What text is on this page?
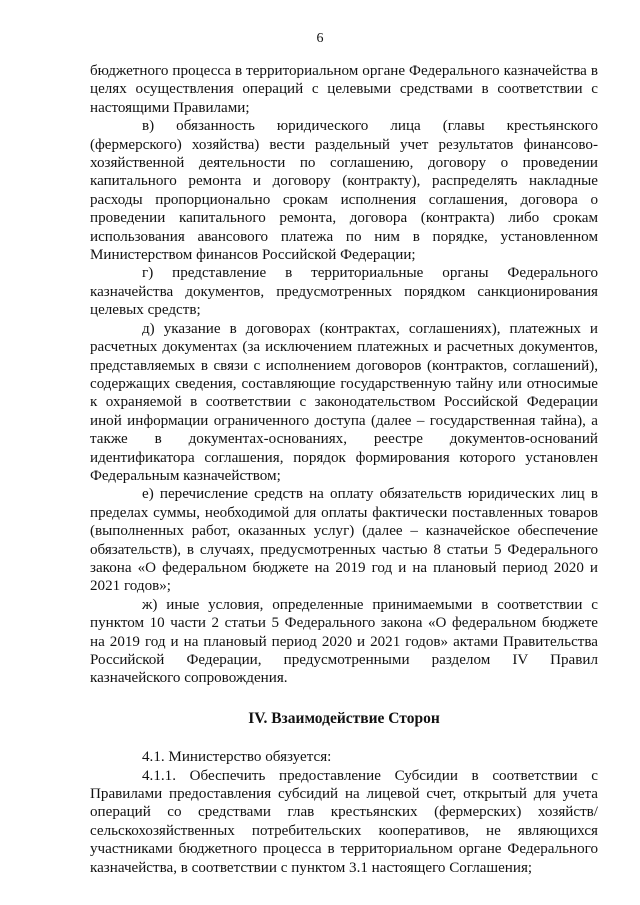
6

бюджетного процесса в территориальном органе Федерального казначейства в целях осуществления операций с целевыми средствами в соответствии с настоящими Правилами;

в) обязанность юридического лица (главы крестьянского (фермерского) хозяйства) вести раздельный учет результатов финансово-хозяйственной деятельности по соглашению, договору о проведении капитального ремонта и договору (контракту), распределять накладные расходы пропорционально срокам исполнения соглашения, договора о проведении капитального ремонта, договора (контракта) либо срокам использования авансового платежа по ним в порядке, установленном Министерством финансов Российской Федерации;

г) представление в территориальные органы Федерального казначейства документов, предусмотренных порядком санкционирования целевых средств;

д) указание в договорах (контрактах, соглашениях), платежных и расчетных документах (за исключением платежных и расчетных документов, представляемых в связи с исполнением договоров (контрактов, соглашений), содержащих сведения, составляющие государственную тайну или относимые к охраняемой в соответствии с законодательством Российской Федерации иной информации ограниченного доступа (далее – государственная тайна), а также в документах-основаниях, реестре документов-оснований идентификатора соглашения, порядок формирования которого установлен Федеральным казначейством;

е) перечисление средств на оплату обязательств юридических лиц в пределах суммы, необходимой для оплаты фактически поставленных товаров (выполненных работ, оказанных услуг) (далее – казначейское обеспечение обязательств), в случаях, предусмотренных частью 8 статьи 5 Федерального закона «О федеральном бюджете на 2019 год и на плановый период 2020 и 2021 годов»;

ж) иные условия, определенные принимаемыми в соответствии с пунктом 10 части 2 статьи 5 Федерального закона «О федеральном бюджете на 2019 год и на плановый период 2020 и 2021 годов» актами Правительства Российской Федерации, предусмотренными разделом IV Правил казначейского сопровождения.

IV. Взаимодействие Сторон

4.1. Министерство обязуется:

4.1.1. Обеспечить предоставление Субсидии в соответствии с Правилами предоставления субсидий на лицевой счет, открытый для учета операций со средствами глав крестьянских (фермерских) хозяйств/сельскохозяйственных потребительских кооперативов, не являющихся участниками бюджетного процесса в территориальном органе Федерального казначейства, в соответствии с пунктом 3.1 настоящего Соглашения;
